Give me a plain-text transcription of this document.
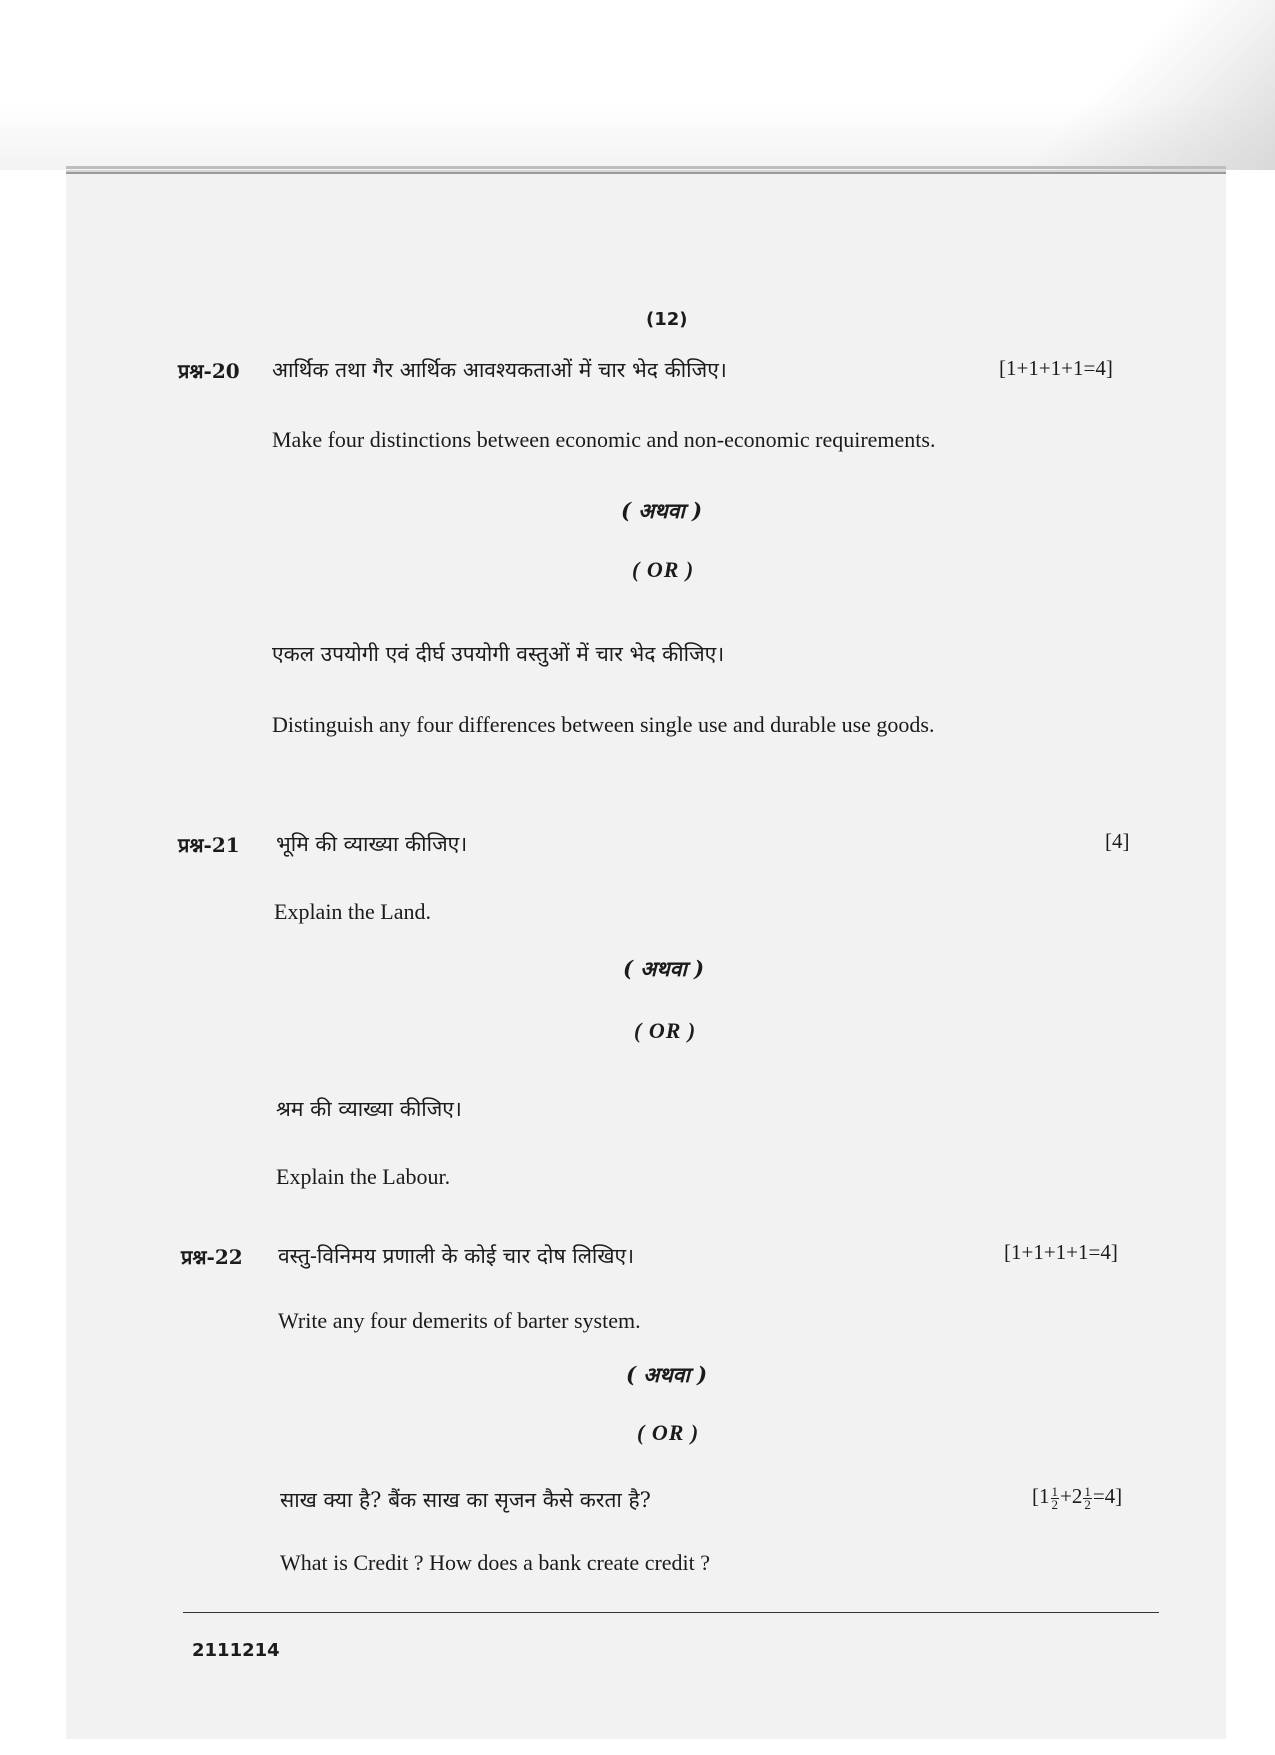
(12)
प्रश्न-20 आर्थिक तथा गैर आर्थिक आवश्यकताओं में चार भेद कीजिए।	[1+1+1+1=4]
Make four distinctions between economic and non-economic requirements.
( अथवा )
( OR )
एकल उपयोगी एवं दीर्घ उपयोगी वस्तुओं में चार भेद कीजिए।
Distinguish any four differences between single use and durable use goods.
प्रश्न-21 भूमि की व्याख्या कीजिए।	[4]
Explain the Land.
( अथवा )
( OR )
श्रम की व्याख्या कीजिए।
Explain the Labour.
प्रश्न-22 वस्तु-विनिमय प्रणाली के कोई चार दोष लिखिए।	[1+1+1+1=4]
Write any four demerits of barter system.
( अथवा )
( OR )
साख क्या है? बैंक साख का सृजन कैसे करता है?	$[1 \frac{1}{2} +2 \frac{1}{2} =4]$
What is Credit ? How does a bank create credit ?
2111214
